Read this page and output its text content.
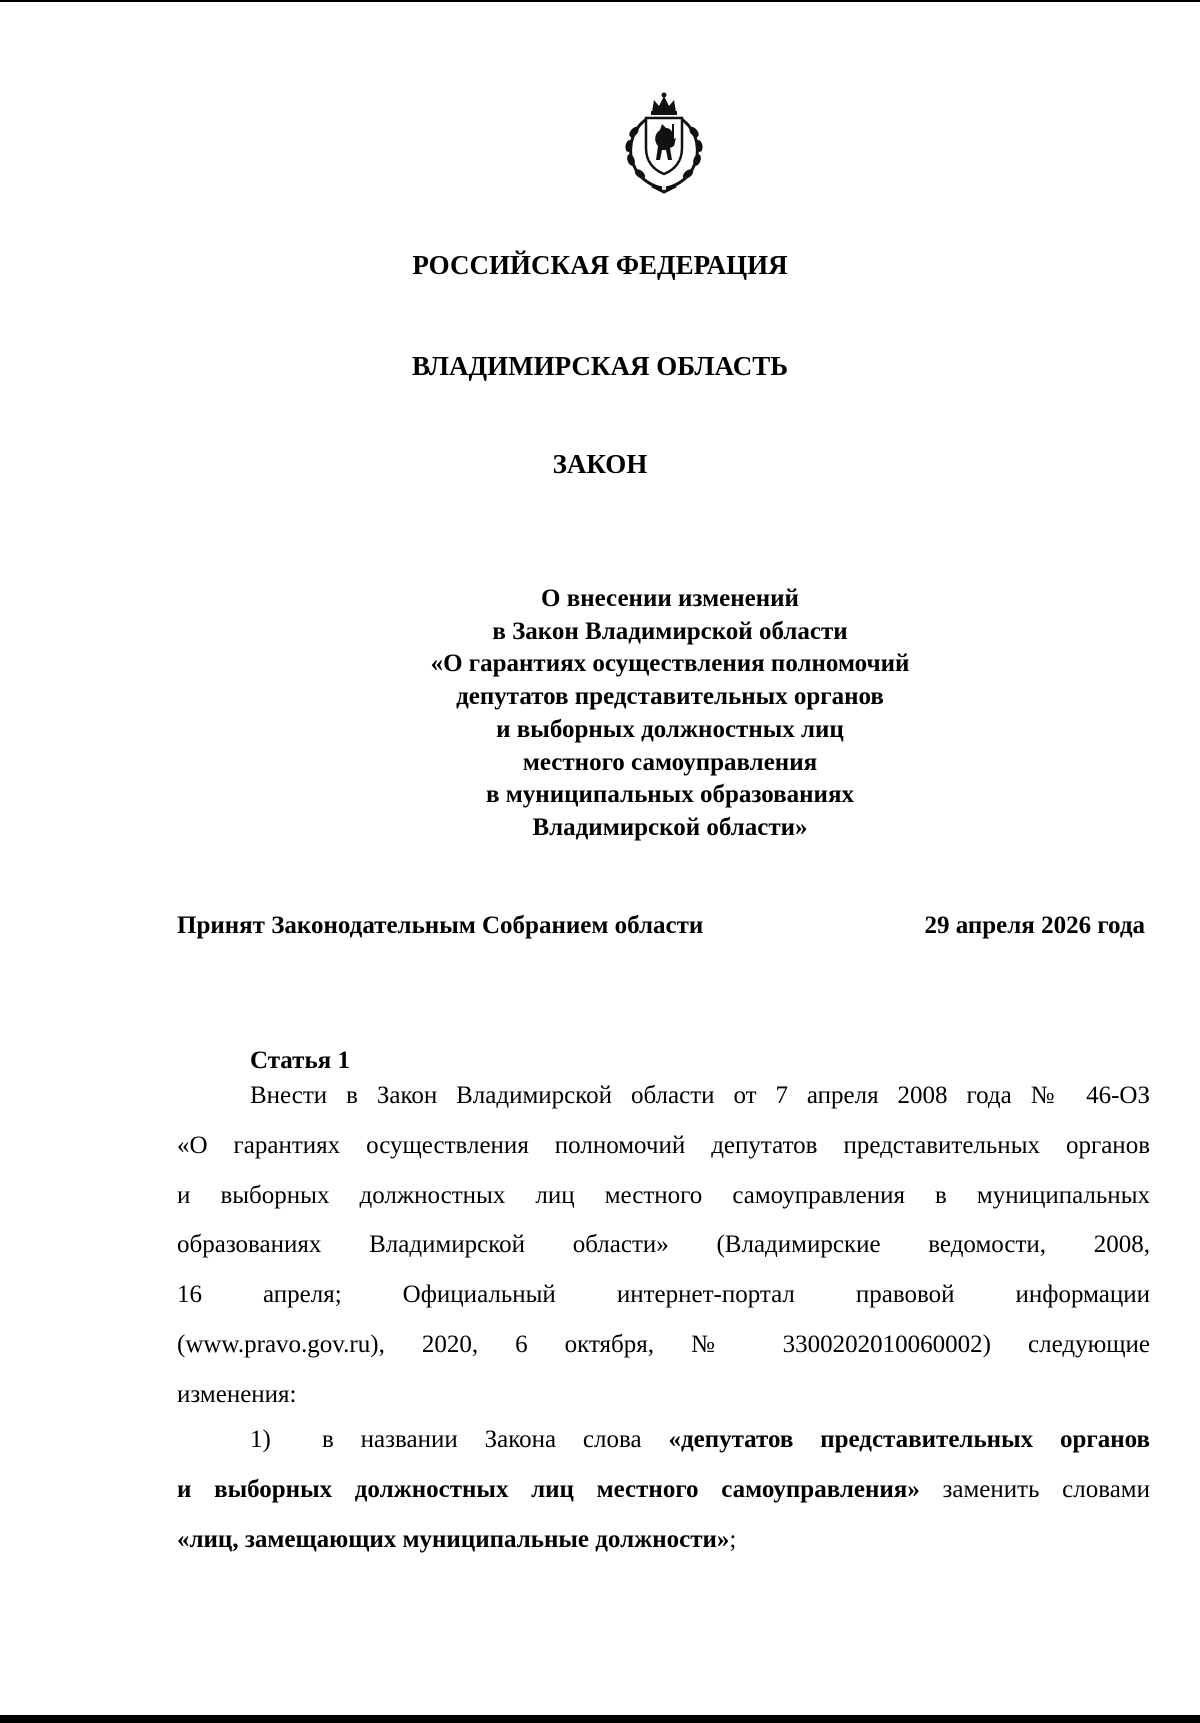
РОССИЙСКАЯ ФЕДЕРАЦИЯ
ВЛАДИМИРСКАЯ ОБЛАСТЬ
ЗАКОН
О внесении изменений
в Закон Владимирской области
«О гарантиях осуществления полномочий
депутатов представительных органов
и выборных должностных лиц
местного самоуправления
в муниципальных образованиях
Владимирской области»
Принят Законодательным Собранием области	29 апреля 2026 года
Статья 1
Внести в Закон Владимирской области от 7 апреля 2008 года № 46-ОЗ
«О гарантиях осуществления полномочий депутатов представительных органов
и выборных должностных лиц местного самоуправления в муниципальных
образованиях Владимирской области» (Владимирские ведомости, 2008,
16 апреля; Официальный интернет-портал правовой информации
(www.pravo.gov.ru), 2020, 6 октября, № 3300202010060002) следующие
изменения:
1) в названии Закона слова «депутатов представительных органов
и выборных должностных лиц местного самоуправления» заменить словами
«лиц, замещающих муниципальные должности»;
